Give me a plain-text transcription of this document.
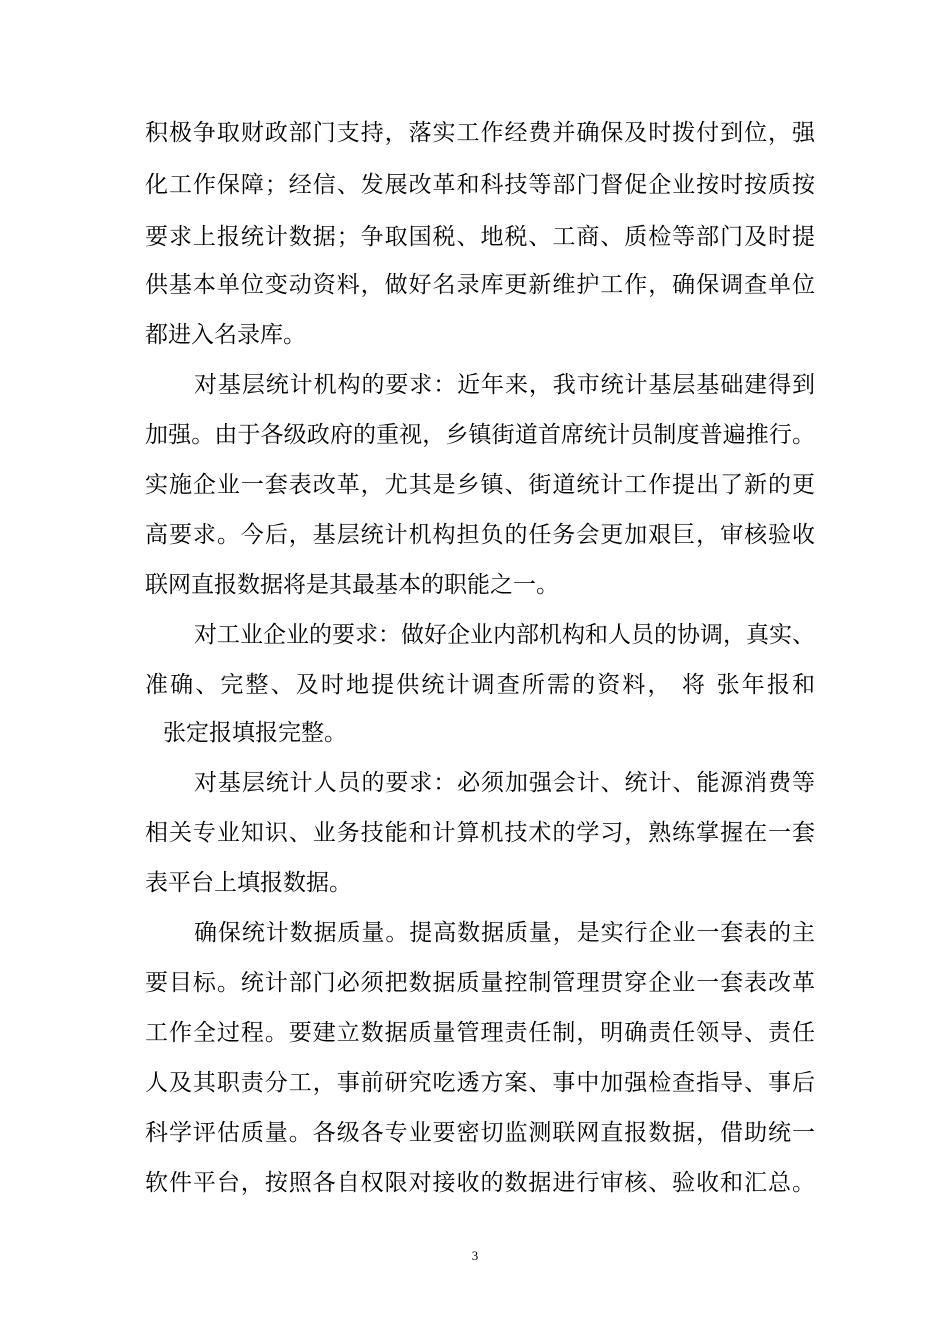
积极争取财政部门支持，落实工作经费并确保及时拨付到位，强
化工作保障；经信、发展改革和科技等部门督促企业按时按质按
要求上报统计数据；争取国税、地税、工商、质检等部门及时提
供基本单位变动资料，做好名录库更新维护工作，确保调查单位
都进入名录库。
对基层统计机构的要求：近年来，我市统计基层基础建得到
加强。由于各级政府的重视，乡镇街道首席统计员制度普遍推行。
实施企业一套表改革，尤其是乡镇、街道统计工作提出了新的更
高要求。今后，基层统计机构担负的任务会更加艰巨，审核验收
联网直报数据将是其最基本的职能之一。
对工业企业的要求：做好企业内部机构和人员的协调，真实、
准确、完整、及时地提供统计调查所需的资料， 将 张年报和
张定报填报完整。
对基层统计人员的要求：必须加强会计、统计、能源消费等
相关专业知识、业务技能和计算机技术的学习，熟练掌握在一套
表平台上填报数据。
确保统计数据质量。提高数据质量，是实行企业一套表的主
要目标。统计部门必须把数据质量控制管理贯穿企业一套表改革
工作全过程。要建立数据质量管理责任制，明确责任领导、责任
人及其职责分工，事前研究吃透方案、事中加强检查指导、事后
科学评估质量。各级各专业要密切监测联网直报数据，借助统一
软件平台，按照各自权限对接收的数据进行审核、验收和汇总。
3
